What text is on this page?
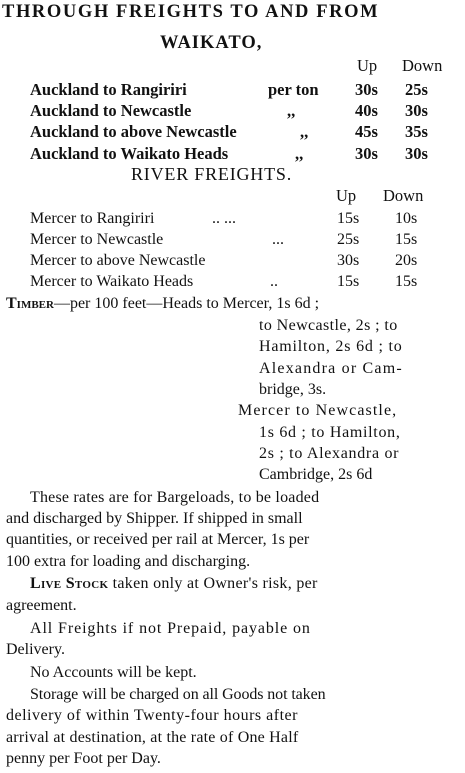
THROUGH FREIGHTS TO AND FROM
WAIKATO,
Up Down
Auckland to Rangiriri	per ton 30s 25s
Auckland to Newcastle	,,	40s 30s
Auckland to above Newcastle	,,	45s 35s
Auckland to Waikato Heads	,,	30s 30s
RIVER FREIGHTS.
Up Down
Mercer to Rangiriri	.. ...	15s 10s
Mercer to Newcastle	...	25s 15s
Mercer to above Newcastle	30s 20s
Mercer to Waikato Heads	..	15s 15s
Timber—per 100 feet—Heads to Mercer, 1s 6d ;
to Newcastle, 2s ; to
Hamilton, 2s 6d ; to
Alexandra or Cam-
bridge, 3s.
Mercer to Newcastle,
1s 6d ; to Hamilton,
2s ; to Alexandra or
Cambridge, 2s 6d
These rates are for Bargeloads, to be loaded
and discharged by Shipper. If shipped in small
quantities, or received per rail at Mercer, 1s per
100 extra for loading and discharging.
Live Stock taken only at Owner's risk, per
agreement.
All Freights if not Prepaid, payable on
Delivery.
No Accounts will be kept.
Storage will be charged on all Goods not taken
delivery of within Twenty-four hours after
arrival at destination, at the rate of One Half
penny per Foot per Day.
